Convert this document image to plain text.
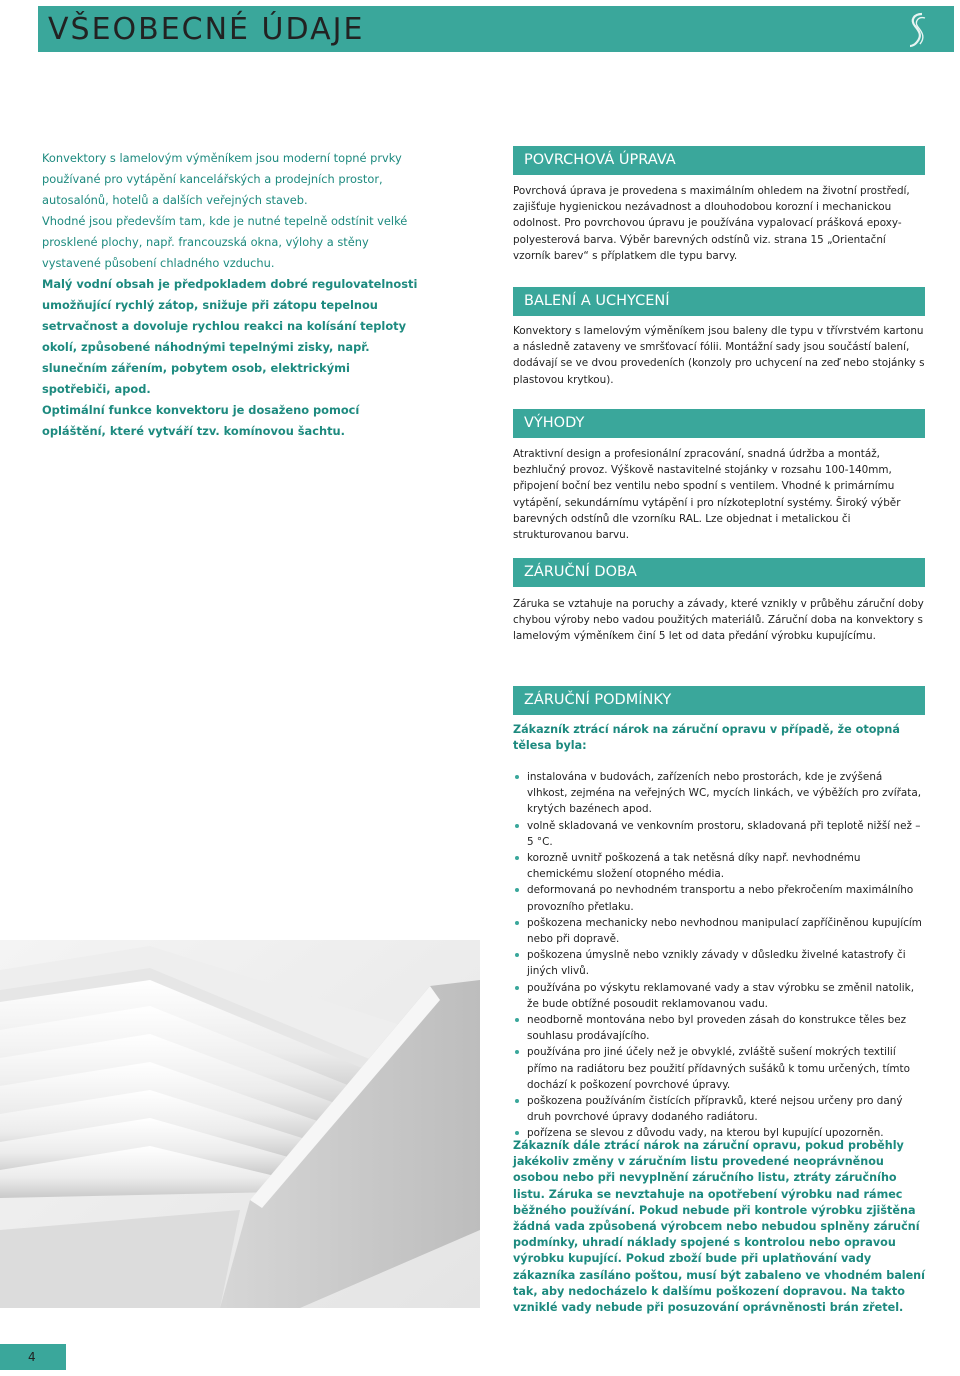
VŠEOBECNÉ ÚDAJE

Konvektory s lamelovým výměníkem jsou moderní topné prvky používané pro vytápění kancelářských a prodejních prostor, autosalónů, hotelů a dalších veřejných staveb.

Vhodné jsou především tam, kde je nutné tepelně odstínit velké prosklené plochy, např. francouzská okna, výlohy a stěny vystavené působení chladného vzduchu.

Malý vodní obsah je předpokladem dobré regulovatelnosti umožňující rychlý zátop, snižuje při zátopu tepelnou setrvačnost a dovoluje rychlou reakci na kolísání teploty okolí, způsobené náhodnými tepelnými zisky, např. slunečním zářením, pobytem osob, elektrickými spotřebiči, apod.

Optimální funkce konvektoru je dosaženo pomocí opláštění, které vytváří tzv. komínovou šachtu.

POVRCHOVÁ ÚPRAVA

Povrchová úprava je provedena s maximálním ohledem na životní prostředí, zajišťuje hygienickou nezávadnost a dlouhodobou korozní i mechanickou odolnost. Pro povrchovou úpravu je používána vypalovací prášková epoxy-polyesterová barva. Výběr barevných odstínů viz. strana 15 „Orientační vzorník barev“ s příplatkem dle typu barvy.

BALENÍ A UCHYCENÍ

Konvektory s lamelovým výměníkem jsou baleny dle typu v třívrstvém kartonu a následně zataveny ve smršťovací fólii. Montážní sady jsou součástí balení, dodávají se ve dvou provedeních (konzoly pro uchycení na zeď nebo stojánky s plastovou krytkou).

VÝHODY

Atraktivní design a profesionální zpracování, snadná údržba a montáž, bezhlučný provoz. Výškově nastavitelné stojánky v rozsahu 100-140mm, připojení boční bez ventilu nebo spodní s ventilem. Vhodné k primárnímu vytápění, sekundárnímu vytápění i pro nízkoteplotní systémy. Široký výběr barevných odstínů dle vzorníku RAL. Lze objednat i metalickou či strukturovanou barvu.

ZÁRUČNÍ DOBA

Záruka se vztahuje na poruchy a závady, které vznikly v průběhu záruční doby chybou výroby nebo vadou použitých materiálů. Záruční doba na konvektory s lamelovým výměníkem činí 5 let od data předání výrobku kupujícímu.

ZÁRUČNÍ PODMÍNKY

Zákazník ztrácí nárok na záruční opravu v případě, že otopná tělesa byla:

instalována v budovách, zařízeních nebo prostorách, kde je zvýšená vlhkost, zejména na veřejných WC, mycích linkách, ve výběžích pro zvířata, krytých bazénech apod.
volně skladovaná ve venkovním prostoru, skladovaná při teplotě nižší než – 5 °C.
korozně uvnitř poškozená a tak netěsná díky např. nevhodnému chemickému složení otopného média.
deformovaná po nevhodném transportu a nebo překročením maximálního provozního přetlaku.
poškozena mechanicky nebo nevhodnou manipulací zapříčiněnou kupujícím nebo při dopravě.
poškozena úmyslně nebo vznikly závady v důsledku živelné katastrofy či jiných vlivů.
používána po výskytu reklamované vady a stav výrobku se změnil natolik, že bude obtížné posoudit reklamovanou vadu.
neodborně montována nebo byl proveden zásah do konstrukce těles bez souhlasu prodávajícího.
používána pro jiné účely než je obvyklé, zvláště sušení mokrých textilií přímo na radiátoru bez použití přídavných sušáků k tomu určených, tímto dochází k poškození povrchové úpravy.
poškozena používáním čistících přípravků, které nejsou určeny pro daný druh povrchové úpravy dodaného radiátoru.
pořízena se slevou z důvodu vady, na kterou byl kupující upozorněn.

Zákazník dále ztrácí nárok na záruční opravu, pokud proběhly jakékoliv změny v záručním listu provedené neoprávněnou osobou nebo při nevyplnění záručního listu, ztráty záručního listu. Záruka se nevztahuje na opotřebení výrobku nad rámec běžného používání. Pokud nebude při kontrole výrobku zjištěna žádná vada způsobená výrobcem nebo nebudou splněny záruční podmínky, uhradí náklady spojené s kontrolou nebo opravou výrobku kupující. Pokud zboží bude při uplatňování vady zákazníka zasíláno poštou, musí být zabaleno ve vhodném balení tak, aby nedocházelo k dalšímu poškození dopravou. Na takto vzniklé vady nebude při posuzování oprávněnosti brán zřetel.

4
